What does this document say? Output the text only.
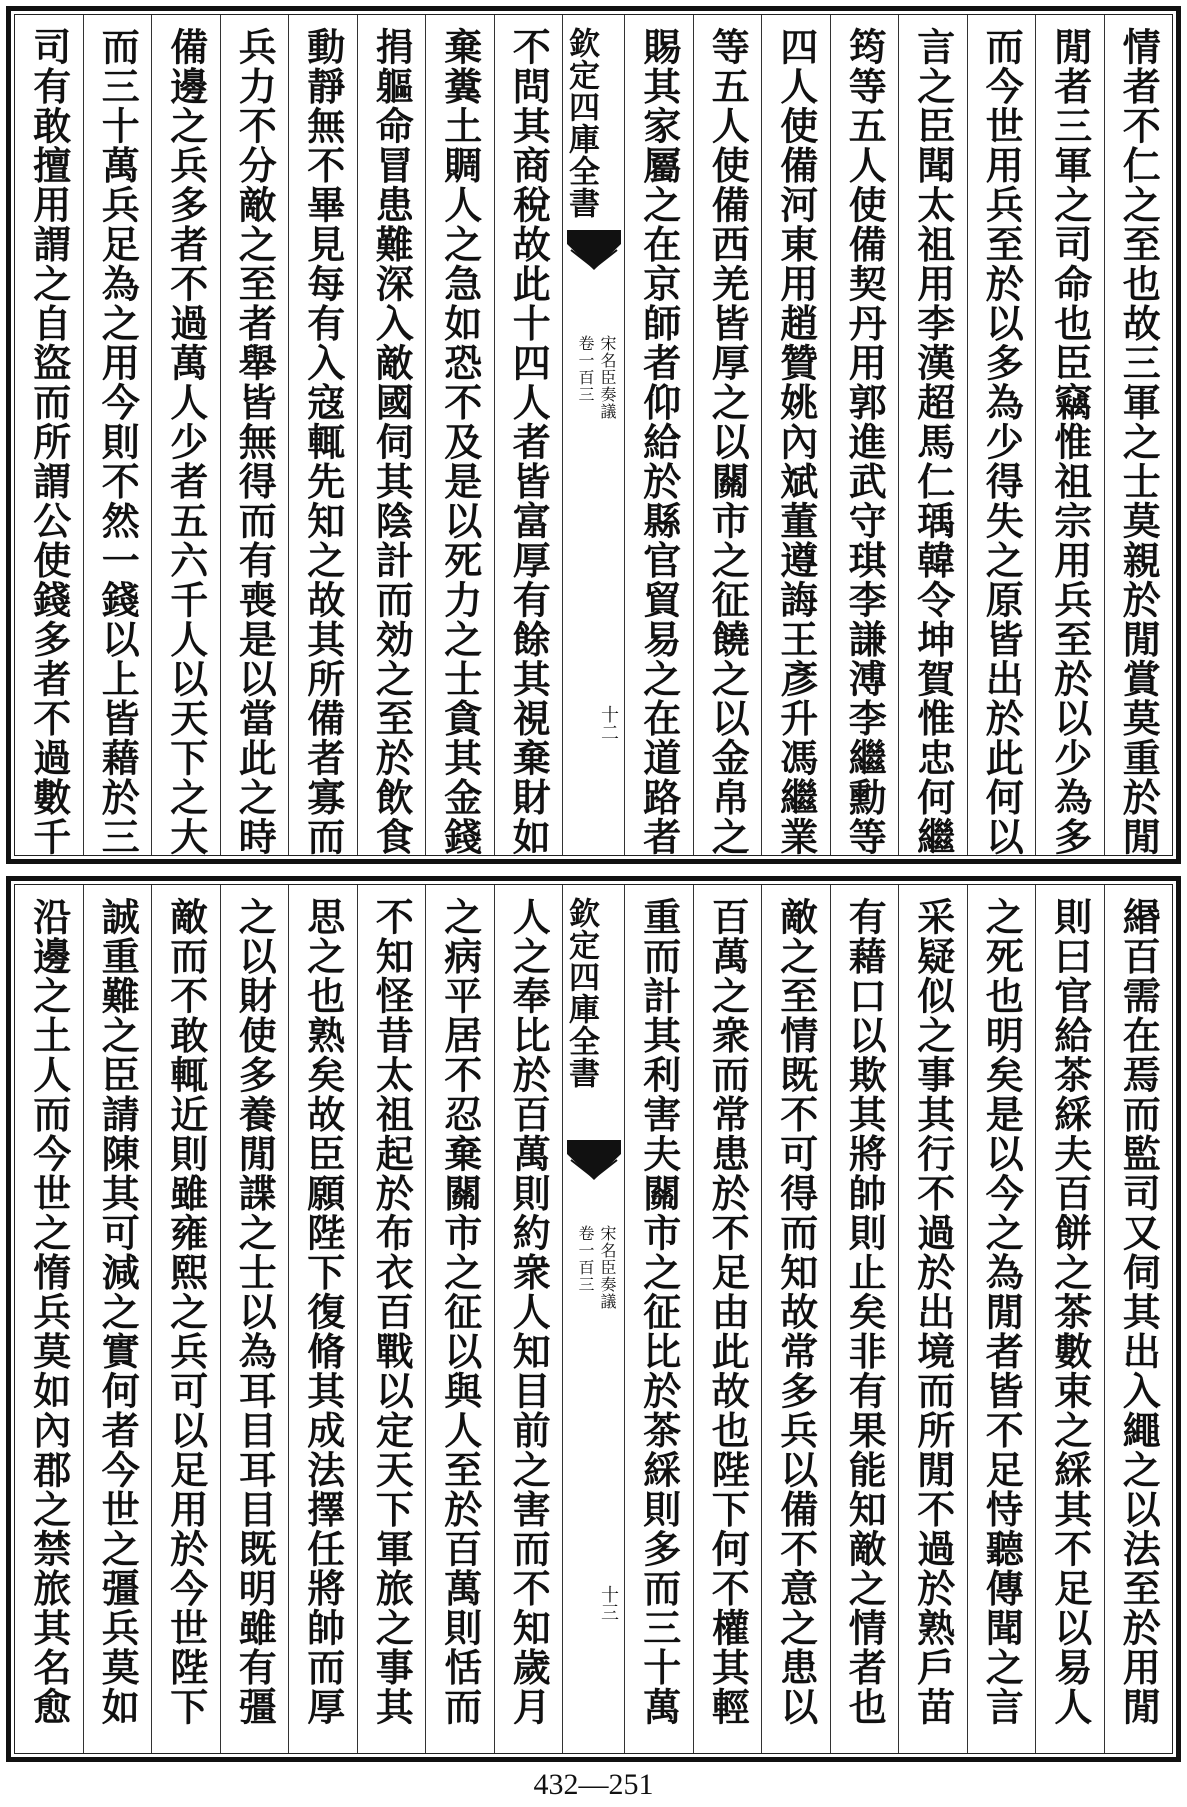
情者不仁之至也故三軍之士莫親於閒賞莫重於閒
閒者三軍之司命也臣竊惟祖宗用兵至於以少為多
而今世用兵至於以多為少得失之原皆出於此何以
言之臣聞太祖用李漢超馬仁瑀韓令坤賀惟忠何繼
筠等五人使備契丹用郭進武守琪李謙溥李繼勳等
四人使備河東用趙贊姚內斌董遵誨王彥升馮繼業
等五人使備西羌皆厚之以關市之征饒之以金帛之
賜其家屬之在京師者仰給於縣官貿易之在道路者
欽定四庫全書
宋名臣奏議
卷一百三
十二
不問其商稅故此十四人者皆富厚有餘其視棄財如
棄糞土賙人之急如恐不及是以死力之士貪其金錢
捐軀命冒患難深入敵國伺其陰計而効之至於飲食
動靜無不畢見每有入寇輒先知之故其所備者寡而
兵力不分敵之至者舉皆無得而有喪是以當此之時
備邊之兵多者不過萬人少者五六千人以天下之大
而三十萬兵足為之用今則不然一錢以上皆藉於三
司有敢擅用謂之自盜而所謂公使錢多者不過數千
緡百需在焉而監司又伺其出入繩之以法至於用閒
則曰官給茶綵夫百餅之茶數束之綵其不足以易人
之死也明矣是以今之為閒者皆不足恃聽傳聞之言
采疑似之事其行不過於出境而所閒不過於熟戶苗
有藉口以欺其將帥則止矣非有果能知敵之情者也
敵之至情既不可得而知故常多兵以備不意之患以
百萬之衆而常患於不足由此故也陛下何不權其輕
重而計其利害夫關市之征比於茶綵則多而三十萬
欽定四庫全書
宋名臣奏議
卷一百三
十三
人之奉比於百萬則約衆人知目前之害而不知歲月
之病平居不忍棄關市之征以與人至於百萬則恬而
不知怪昔太祖起於布衣百戰以定天下軍旅之事其
思之也熟矣故臣願陛下復脩其成法擇任將帥而厚
之以財使多養閒諜之士以為耳目耳目既明雖有彊
敵而不敢輒近則雖雍熙之兵可以足用於今世陛下
誠重難之臣請陳其可減之實何者今世之彊兵莫如
沿邊之土人而今世之惰兵莫如內郡之禁旅其名愈
432—251
